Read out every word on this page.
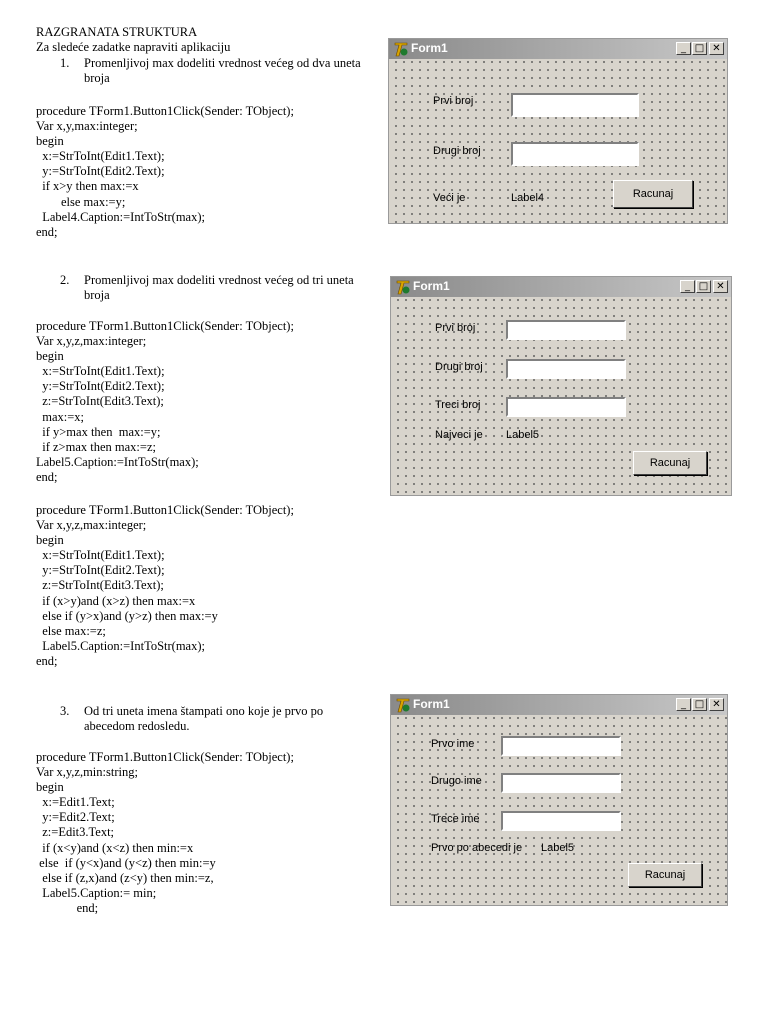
RAZGRANATA STRUKTURA
Za sledeće zadatke napraviti aplikaciju
1. Promenljivoj max dodeliti vrednost većeg od dva uneta broja
procedure TForm1.Button1Click(Sender: TObject);
Var x,y,max:integer;
begin
x:=StrToInt(Edit1.Text);
y:=StrToInt(Edit2.Text);
if x>y then max:=x
else max:=y;
Label4.Caption:=IntToStr(max);
end;
2. Promenljivoj max dodeliti vrednost većeg od tri uneta broja
procedure TForm1.Button1Click(Sender: TObject);
Var x,y,z,max:integer;
begin
x:=StrToInt(Edit1.Text);
y:=StrToInt(Edit2.Text);
z:=StrToInt(Edit3.Text);
max:=x;
if y>max then  max:=y;
if z>max then max:=z;
Label5.Caption:=IntToStr(max);
end;
procedure TForm1.Button1Click(Sender: TObject);
Var x,y,z,max:integer;
begin
x:=StrToInt(Edit1.Text);
y:=StrToInt(Edit2.Text);
z:=StrToInt(Edit3.Text);
if (x>y)and (x>z) then max:=x
else if (y>x)and (y>z) then max:=y
else max:=z;
Label5.Caption:=IntToStr(max);
end;
3. Od tri uneta imena štampati ono koje je prvo po abecedom redosledu.
procedure TForm1.Button1Click(Sender: TObject);
Var x,y,z,min:string;
begin
x:=Edit1.Text;
y:=Edit2.Text;
z:=Edit3.Text;
if (x<y)and (x<z) then min:=x
else  if (y<x)and (y<z) then min:=y
else if (z,x)and (z<y) then min:=z,
Label5.Caption:= min;
end;
Form1	_ □ ✕
Prvi broj
Drugi broj
Veći je	Label4	Racunaj
Form1	_ □ ✕
Prvi broj
Drugi broj
Treci broj
Najveci je Label5
Racunaj
Form1	_ □ ✕
Prvo ime
Drugo ime
Trece ime
Prvo po abecedi je Label5
Racunaj
